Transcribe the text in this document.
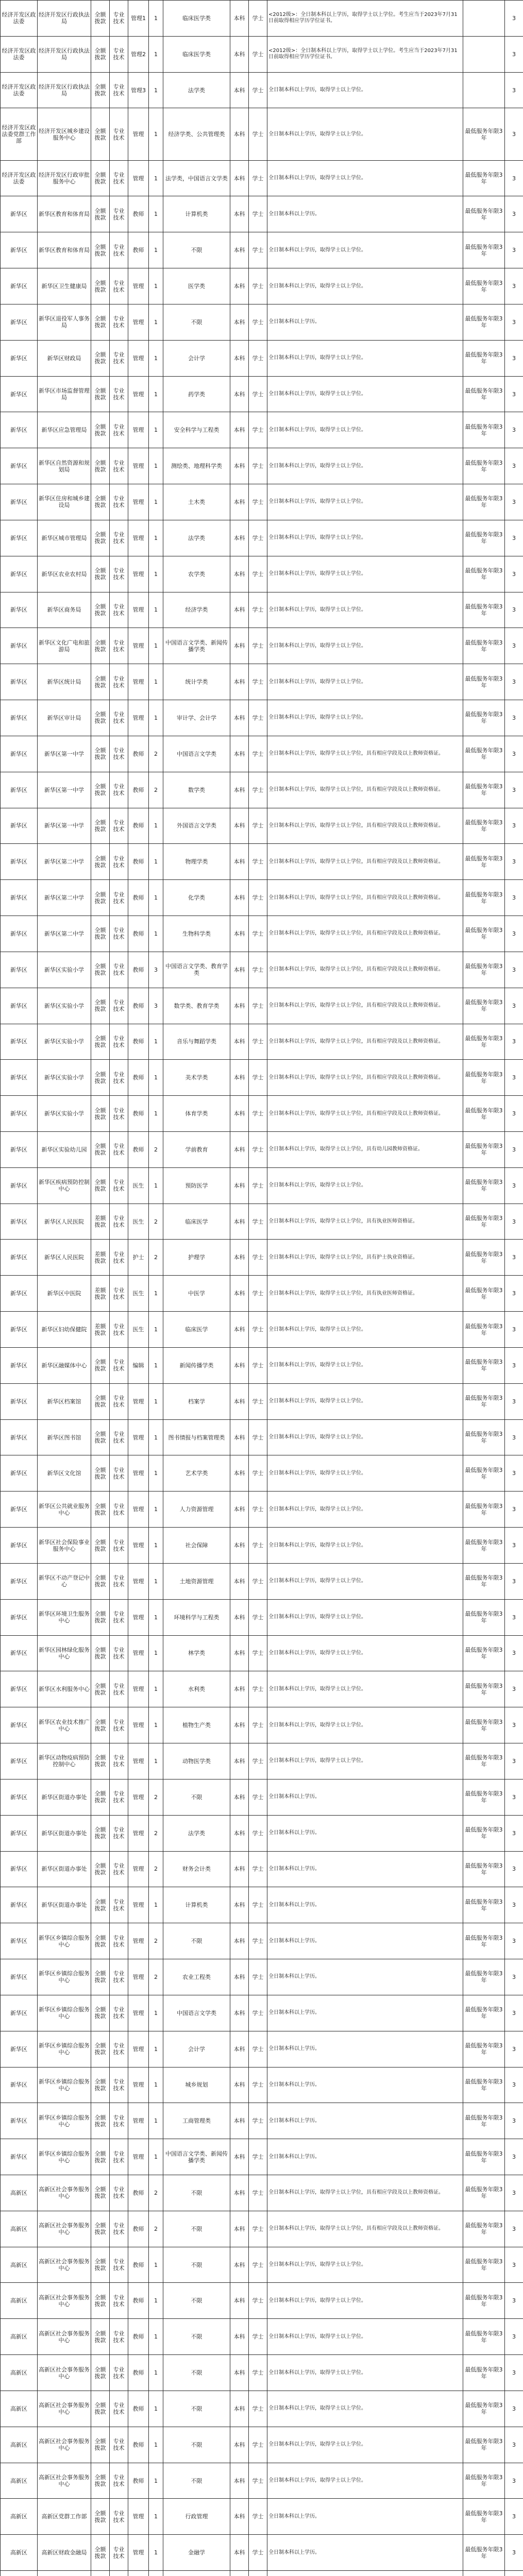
经济开发区政法委	经济开发区行政执法局	全额拨款	专业技术	管理1	1	临床医学类	本科	学士	<2012级>：全日制本科以上学历，取得学士以上学位。考生应当于2023年7月31日前取得相应学历学位证书。		3
经济开发区政法委	经济开发区行政执法局	全额拨款	专业技术	管理2	1	临床医学类	本科	学士	<2012级>：全日制本科以上学历，取得学士以上学位。考生应当于2023年7月31日前取得相应学历学位证书。		3
经济开发区政法委	经济开发区行政执法局	全额拨款	专业技术	管理3	1	法学类	本科	学士	全日制本科以上学历，取得学士以上学位。		3
经济开发区政法委党群工作部	经济开发区城乡建设服务中心	全额拨款	专业技术	管理	1	经济学类、公共管理类	本科	学士	全日制本科以上学历，取得学士以上学位。	最低服务年限3年	3
经济开发区政法委	经济开发区行政审批服务中心	全额拨款	专业技术	管理	1	法学类，中国语言文学类	本科	学士	全日制本科以上学历，取得学士以上学位。	最低服务年限3年	3
新华区	新华区教育和体育局	全额拨款	专业技术	教师	1	计算机类	本科	学士	全日制本科以上学历。	最低服务年限3年	3
新华区	新华区教育和体育局	全额拨款	专业技术	教师	1	不限	本科	学士	全日制本科以上学历，取得学士以上学位。	最低服务年限3年	3
新华区	新华区卫生健康局	全额拨款	专业技术	管理	1	医学类	本科	学士	全日制本科以上学历，取得学士以上学位。	最低服务年限3年	3
新华区	新华区退役军人事务局	全额拨款	专业技术	管理	1	不限	本科	学士	全日制本科以上学历。	最低服务年限3年	3
新华区	新华区财政局	全额拨款	专业技术	管理	1	会计学	本科	学士	全日制本科以上学历，取得学士以上学位。	最低服务年限3年	3
新华区	新华区市场监督管理局	全额拨款	专业技术	管理	1	药学类	本科	学士	全日制本科以上学历，取得学士以上学位。	最低服务年限3年	3
新华区	新华区应急管理局	全额拨款	专业技术	管理	1	安全科学与工程类	本科	学士	全日制本科以上学历，取得学士以上学位。	最低服务年限3年	3
新华区	新华区自然资源和规划局	全额拨款	专业技术	管理	1	测绘类、地理科学类	本科	学士	全日制本科以上学历，取得学士以上学位。	最低服务年限3年	3
新华区	新华区住房和城乡建设局	全额拨款	专业技术	管理	1	土木类	本科	学士	全日制本科以上学历，取得学士以上学位。	最低服务年限3年	3
新华区	新华区城市管理局	全额拨款	专业技术	管理	1	法学类	本科	学士	全日制本科以上学历，取得学士以上学位。	最低服务年限3年	3
新华区	新华区农业农村局	全额拨款	专业技术	管理	1	农学类	本科	学士	全日制本科以上学历，取得学士以上学位。	最低服务年限3年	3
新华区	新华区商务局	全额拨款	专业技术	管理	1	经济学类	本科	学士	全日制本科以上学历，取得学士以上学位。	最低服务年限3年	3
新华区	新华区文化广电和旅游局	全额拨款	专业技术	管理	1	中国语言文学类、新闻传播学类	本科	学士	全日制本科以上学历，取得学士以上学位。	最低服务年限3年	3
新华区	新华区统计局	全额拨款	专业技术	管理	1	统计学类	本科	学士	全日制本科以上学历，取得学士以上学位。	最低服务年限3年	3
新华区	新华区审计局	全额拨款	专业技术	管理	1	审计学、会计学	本科	学士	全日制本科以上学历，取得学士以上学位。	最低服务年限3年	3
新华区	新华区第一中学	全额拨款	专业技术	教师	2	中国语言文学类	本科	学士	全日制本科以上学历，取得学士以上学位，具有相应学段及以上教师资格证。	最低服务年限3年	3
新华区	新华区第一中学	全额拨款	专业技术	教师	2	数学类	本科	学士	全日制本科以上学历，取得学士以上学位，具有相应学段及以上教师资格证。	最低服务年限3年	3
新华区	新华区第一中学	全额拨款	专业技术	教师	1	外国语言文学类	本科	学士	全日制本科以上学历，取得学士以上学位，具有相应学段及以上教师资格证。	最低服务年限3年	3
新华区	新华区第二中学	全额拨款	专业技术	教师	1	物理学类	本科	学士	全日制本科以上学历，取得学士以上学位，具有相应学段及以上教师资格证。	最低服务年限3年	3
新华区	新华区第二中学	全额拨款	专业技术	教师	1	化学类	本科	学士	全日制本科以上学历，取得学士以上学位，具有相应学段及以上教师资格证。	最低服务年限3年	3
新华区	新华区第二中学	全额拨款	专业技术	教师	1	生物科学类	本科	学士	全日制本科以上学历，取得学士以上学位，具有相应学段及以上教师资格证。	最低服务年限3年	3
新华区	新华区实验小学	全额拨款	专业技术	教师	3	中国语言文学类、教育学类	本科	学士	全日制本科以上学历，取得学士以上学位，具有相应学段及以上教师资格证。	最低服务年限3年	3
新华区	新华区实验小学	全额拨款	专业技术	教师	3	数学类、教育学类	本科	学士	全日制本科以上学历，取得学士以上学位，具有相应学段及以上教师资格证。	最低服务年限3年	3
新华区	新华区实验小学	全额拨款	专业技术	教师	1	音乐与舞蹈学类	本科	学士	全日制本科以上学历，取得学士以上学位，具有相应学段及以上教师资格证。	最低服务年限3年	3
新华区	新华区实验小学	全额拨款	专业技术	教师	1	美术学类	本科	学士	全日制本科以上学历，取得学士以上学位，具有相应学段及以上教师资格证。	最低服务年限3年	3
新华区	新华区实验小学	全额拨款	专业技术	教师	1	体育学类	本科	学士	全日制本科以上学历，取得学士以上学位，具有相应学段及以上教师资格证。	最低服务年限3年	3
新华区	新华区实验幼儿园	全额拨款	专业技术	教师	2	学前教育	本科	学士	全日制本科以上学历，取得学士以上学位，具有幼儿园教师资格证。	最低服务年限3年	3
新华区	新华区疾病预防控制中心	全额拨款	专业技术	医生	1	预防医学	本科	学士	全日制本科以上学历，取得学士以上学位。	最低服务年限3年	3
新华区	新华区人民医院	差额拨款	专业技术	医生	2	临床医学	本科	学士	全日制本科以上学历，取得学士以上学位，具有执业医师资格证。	最低服务年限3年	3
新华区	新华区人民医院	差额拨款	专业技术	护士	2	护理学	本科	学士	全日制本科以上学历，取得学士以上学位，具有护士执业资格证。	最低服务年限3年	3
新华区	新华区中医院	差额拨款	专业技术	医生	1	中医学	本科	学士	全日制本科以上学历，取得学士以上学位，具有执业医师资格证。	最低服务年限3年	3
新华区	新华区妇幼保健院	差额拨款	专业技术	医生	1	临床医学	本科	学士	全日制本科以上学历，取得学士以上学位。	最低服务年限3年	3
新华区	新华区融媒体中心	全额拨款	专业技术	编辑	1	新闻传播学类	本科	学士	全日制本科以上学历，取得学士以上学位。	最低服务年限3年	3
新华区	新华区档案馆	全额拨款	专业技术	管理	1	档案学	本科	学士	全日制本科以上学历，取得学士以上学位。	最低服务年限3年	3
新华区	新华区图书馆	全额拨款	专业技术	管理	1	图书情报与档案管理类	本科	学士	全日制本科以上学历，取得学士以上学位。	最低服务年限3年	3
新华区	新华区文化馆	全额拨款	专业技术	管理	1	艺术学类	本科	学士	全日制本科以上学历，取得学士以上学位。	最低服务年限3年	3
新华区	新华区公共就业服务中心	全额拨款	专业技术	管理	1	人力资源管理	本科	学士	全日制本科以上学历，取得学士以上学位。	最低服务年限3年	3
新华区	新华区社会保险事业服务中心	全额拨款	专业技术	管理	1	社会保障	本科	学士	全日制本科以上学历，取得学士以上学位。	最低服务年限3年	3
新华区	新华区不动产登记中心	全额拨款	专业技术	管理	1	土地资源管理	本科	学士	全日制本科以上学历，取得学士以上学位。	最低服务年限3年	3
新华区	新华区环境卫生服务中心	全额拨款	专业技术	管理	1	环境科学与工程类	本科	学士	全日制本科以上学历，取得学士以上学位。	最低服务年限3年	3
新华区	新华区园林绿化服务中心	全额拨款	专业技术	管理	1	林学类	本科	学士	全日制本科以上学历，取得学士以上学位。	最低服务年限3年	3
新华区	新华区水利服务中心	全额拨款	专业技术	管理	1	水利类	本科	学士	全日制本科以上学历，取得学士以上学位。	最低服务年限3年	3
新华区	新华区农业技术推广中心	全额拨款	专业技术	管理	1	植物生产类	本科	学士	全日制本科以上学历，取得学士以上学位。	最低服务年限3年	3
新华区	新华区动物疫病预防控制中心	全额拨款	专业技术	管理	1	动物医学类	本科	学士	全日制本科以上学历，取得学士以上学位。	最低服务年限3年	3
新华区	新华区街道办事处	全额拨款	专业技术	管理	2	不限	本科	学士	全日制本科以上学历。	最低服务年限3年	3
新华区	新华区街道办事处	全额拨款	专业技术	管理	2	法学类	本科	学士	全日制本科以上学历。	最低服务年限3年	3
新华区	新华区街道办事处	全额拨款	专业技术	管理	2	财务会计类	本科	学士	全日制本科以上学历。	最低服务年限3年	3
新华区	新华区街道办事处	全额拨款	专业技术	管理	1	计算机类	本科	学士	全日制本科以上学历。	最低服务年限3年	3
新华区	新华区乡镇综合服务中心	全额拨款	专业技术	管理	2	不限	本科	学士	全日制本科以上学历。	最低服务年限3年	3
新华区	新华区乡镇综合服务中心	全额拨款	专业技术	管理	2	农业工程类	本科	学士	全日制本科以上学历。	最低服务年限3年	3
新华区	新华区乡镇综合服务中心	全额拨款	专业技术	管理	1	中国语言文学类	本科	学士	全日制本科以上学历。	最低服务年限3年	3
新华区	新华区乡镇综合服务中心	全额拨款	专业技术	管理	1	会计学	本科	学士	全日制本科以上学历。	最低服务年限3年	3
新华区	新华区乡镇综合服务中心	全额拨款	专业技术	管理	1	城乡规划	本科	学士	全日制本科以上学历。	最低服务年限3年	3
新华区	新华区乡镇综合服务中心	全额拨款	专业技术	管理	1	工商管理类	本科	学士	全日制本科以上学历。	最低服务年限3年	3
新华区	新华区乡镇综合服务中心	全额拨款	专业技术	管理	1	中国语言文学类、新闻传播学类	本科	学士	全日制本科以上学历。	最低服务年限3年	3
高新区	高新区社会事务服务中心	全额拨款	专业技术	教师	2	不限	本科	学士	全日制本科以上学历，取得学士以上学位，具有相应学段及以上教师资格证。	最低服务年限3年	3
高新区	高新区社会事务服务中心	全额拨款	专业技术	教师	2	不限	本科	学士	全日制本科以上学历，取得学士以上学位，具有相应学段及以上教师资格证。	最低服务年限3年	3
高新区	高新区社会事务服务中心	全额拨款	专业技术	教师	1	不限	本科	学士	全日制本科以上学历，取得学士以上学位。	最低服务年限3年	3
高新区	高新区社会事务服务中心	全额拨款	专业技术	教师	1	不限	本科	学士	全日制本科以上学历，取得学士以上学位。	最低服务年限3年	3
高新区	高新区社会事务服务中心	全额拨款	专业技术	教师	1	不限	本科	学士	全日制本科以上学历，取得学士以上学位。	最低服务年限3年	3
高新区	高新区社会事务服务中心	全额拨款	专业技术	教师	1	不限	本科	学士	全日制本科以上学历，取得学士以上学位。	最低服务年限3年	3
高新区	高新区社会事务服务中心	全额拨款	专业技术	教师	1	不限	本科	学士	全日制本科以上学历，取得学士以上学位。	最低服务年限3年	3
高新区	高新区社会事务服务中心	全额拨款	专业技术	教师	1	不限	本科	学士	全日制本科以上学历，取得学士以上学位。	最低服务年限3年	3
高新区	高新区社会事务服务中心	全额拨款	专业技术	教师	1	不限	本科	学士	全日制本科以上学历，取得学士以上学位。	最低服务年限3年	3
高新区	高新区党群工作部	全额拨款	专业技术	管理	1	行政管理	本科	学士	全日制本科以上学历。	最低服务年限3年	3
高新区	高新区财政金融局	全额拨款	专业技术	管理	1	金融学	本科	学士	全日制本科以上学历。	最低服务年限3年	3
